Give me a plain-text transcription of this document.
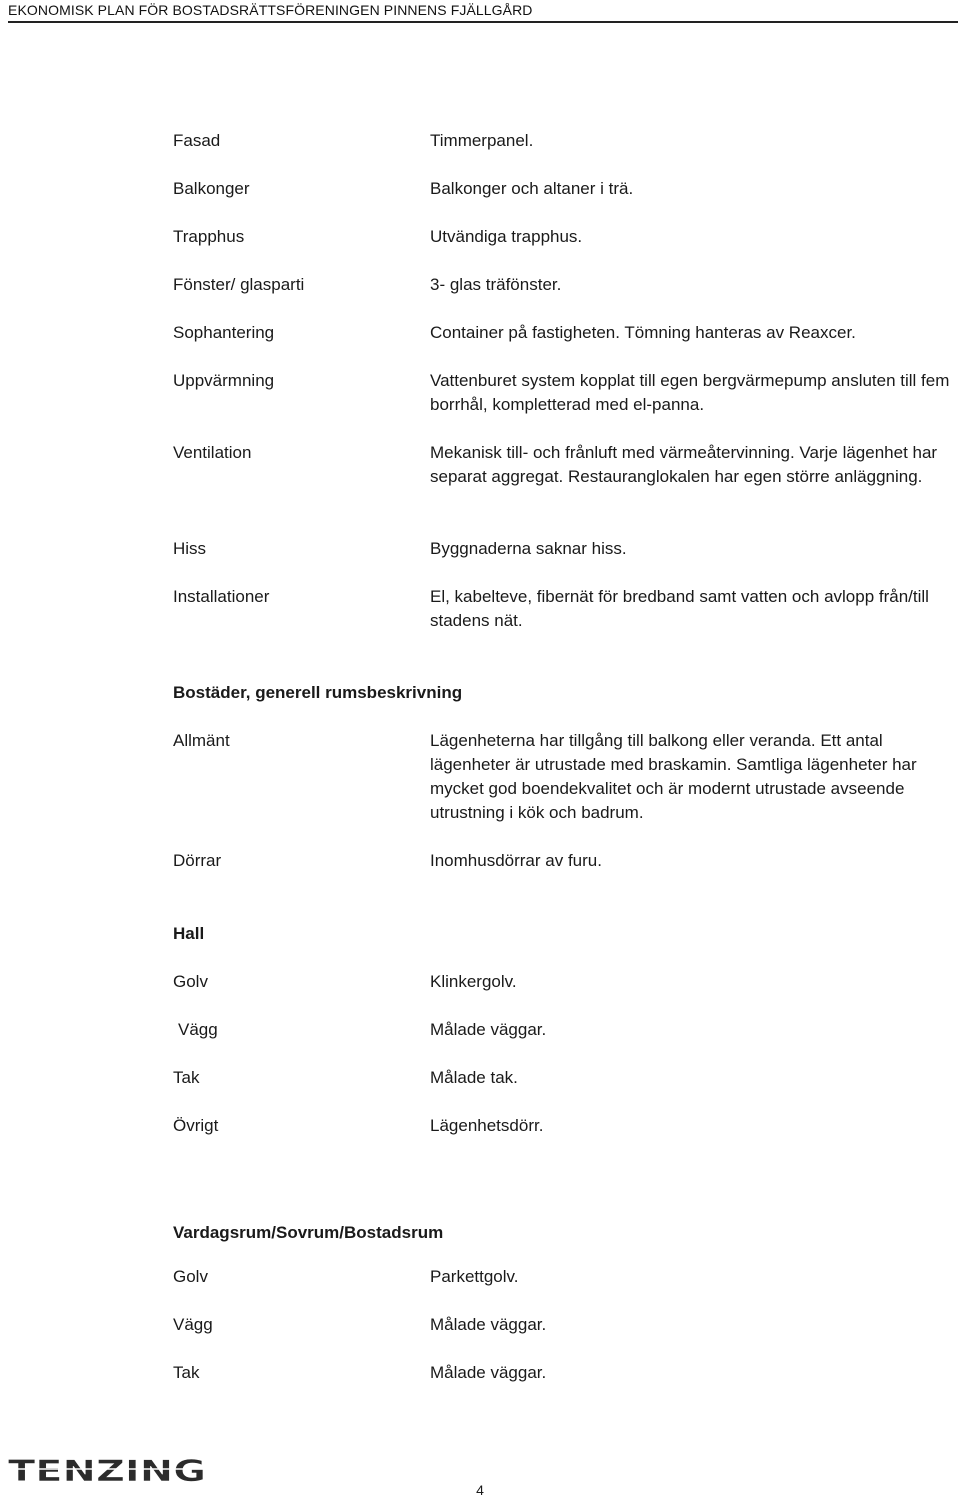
EKONOMISK PLAN FÖR BOSTADSRÄTTSFÖRENINGEN PINNENS FJÄLLGÅRD
Fasad	Timmerpanel.
Balkonger	Balkonger och altaner i trä.
Trapphus	Utvändiga trapphus.
Fönster/ glasparti	3- glas träfönster.
Sophantering	Container på fastigheten. Tömning hanteras av Reaxcer.
Uppvärmning	Vattenburet system kopplat till egen bergvärmepump ansluten till fem borrhål, kompletterad med el-panna.
Ventilation	Mekanisk till- och frånluft med värmeåtervinning. Varje lägenhet har separat aggregat. Restauranglokalen har egen större anläggning.
Hiss	Byggnaderna saknar hiss.
Installationer	El, kabelteve, fibernät för bredband samt vatten och avlopp från/till stadens nät.
Bostäder, generell rumsbeskrivning
Allmänt	Lägenheterna har tillgång till balkong eller veranda. Ett antal lägenheter är utrustade med braskamin. Samtliga lägenheter har mycket god boendekvalitet och är modernt utrustade avseende utrustning i kök och badrum.
Dörrar	Inomhusdörrar av furu.
Hall
Golv	Klinkergolv.
Vägg	Målade väggar.
Tak	Målade tak.
Övrigt	Lägenhetsdörr.
Vardagsrum/Sovrum/Bostadsrum
Golv	Parkettgolv.
Vägg	Målade väggar.
Tak	Målade väggar.
TENZING
4
